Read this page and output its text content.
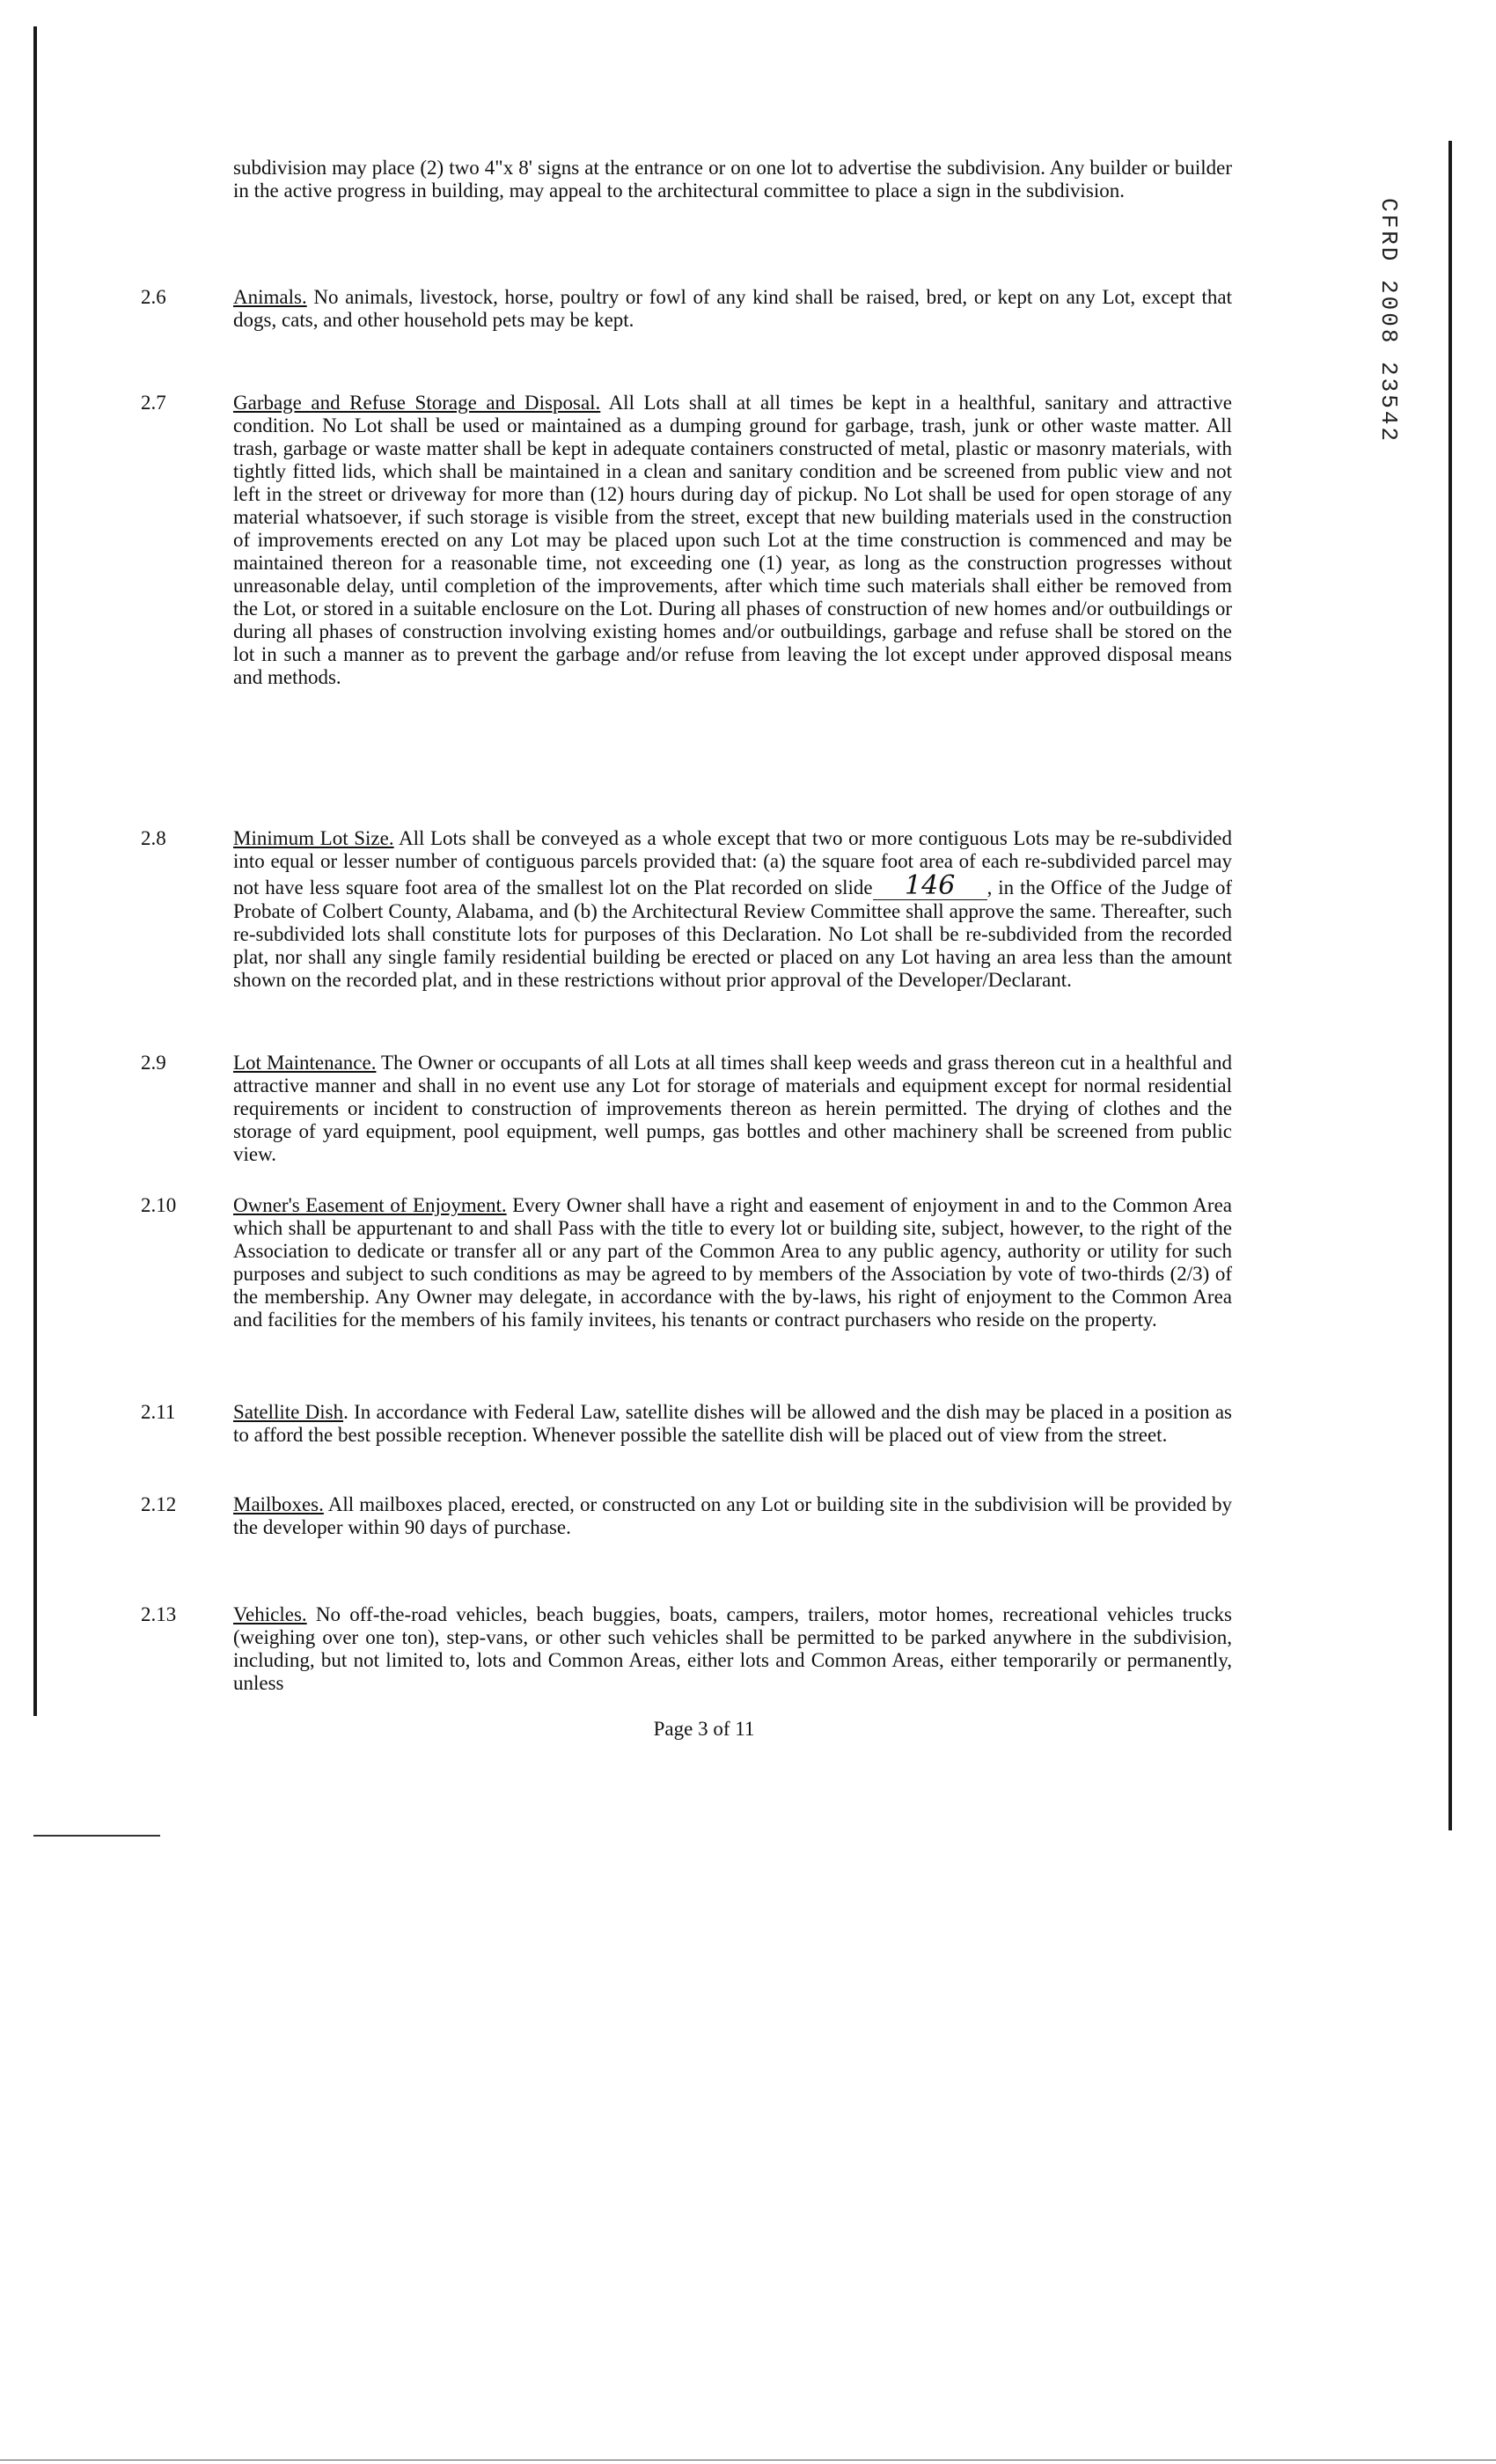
CFRD 2008 23542
subdivision may place (2) two 4"x 8' signs at the entrance or on one lot to advertise the subdivision. Any builder or builder in the active progress in building, may appeal to the architectural committee to place a sign in the subdivision.
2.6	Animals. No animals, livestock, horse, poultry or fowl of any kind shall be raised, bred, or kept on any Lot, except that dogs, cats, and other household pets may be kept.
2.7	Garbage and Refuse Storage and Disposal. All Lots shall at all times be kept in a healthful, sanitary and attractive condition. No Lot shall be used or maintained as a dumping ground for garbage, trash, junk or other waste matter. All trash, garbage or waste matter shall be kept in adequate containers constructed of metal, plastic or masonry materials, with tightly fitted lids, which shall be maintained in a clean and sanitary condition and be screened from public view and not left in the street or driveway for more than (12) hours during day of pickup. No Lot shall be used for open storage of any material whatsoever, if such storage is visible from the street, except that new building materials used in the construction of improvements erected on any Lot may be placed upon such Lot at the time construction is commenced and may be maintained thereon for a reasonable time, not exceeding one (1) year, as long as the construction progresses without unreasonable delay, until completion of the improvements, after which time such materials shall either be removed from the Lot, or stored in a suitable enclosure on the Lot. During all phases of construction of new homes and/or outbuildings or during all phases of construction involving existing homes and/or outbuildings, garbage and refuse shall be stored on the lot in such a manner as to prevent the garbage and/or refuse from leaving the lot except under approved disposal means and methods.
2.8	Minimum Lot Size. All Lots shall be conveyed as a whole except that two or more contiguous Lots may be re-subdivided into equal or lesser number of contiguous parcels provided that: (a) the square foot area of each re-subdivided parcel may not have less square foot area of the smallest lot on the Plat recorded on slide 146 , in the Office of the Judge of Probate of Colbert County, Alabama, and (b) the Architectural Review Committee shall approve the same. Thereafter, such re-subdivided lots shall constitute lots for purposes of this Declaration. No Lot shall be re-subdivided from the recorded plat, nor shall any single family residential building be erected or placed on any Lot having an area less than the amount shown on the recorded plat, and in these restrictions without prior approval of the Developer/Declarant.
2.9	Lot Maintenance. The Owner or occupants of all Lots at all times shall keep weeds and grass thereon cut in a healthful and attractive manner and shall in no event use any Lot for storage of materials and equipment except for normal residential requirements or incident to construction of improvements thereon as herein permitted. The drying of clothes and the storage of yard equipment, pool equipment, well pumps, gas bottles and other machinery shall be screened from public view.
2.10	Owner's Easement of Enjoyment. Every Owner shall have a right and easement of enjoyment in and to the Common Area which shall be appurtenant to and shall Pass with the title to every lot or building site, subject, however, to the right of the Association to dedicate or transfer all or any part of the Common Area to any public agency, authority or utility for such purposes and subject to such conditions as may be agreed to by members of the Association by vote of two-thirds (2/3) of the membership. Any Owner may delegate, in accordance with the by-laws, his right of enjoyment to the Common Area and facilities for the members of his family invitees, his tenants or contract purchasers who reside on the property.
2.11	Satellite Dish. In accordance with Federal Law, satellite dishes will be allowed and the dish may be placed in a position as to afford the best possible reception. Whenever possible the satellite dish will be placed out of view from the street.
2.12	Mailboxes. All mailboxes placed, erected, or constructed on any Lot or building site in the subdivision will be provided by the developer within 90 days of purchase.
2.13	Vehicles. No off-the-road vehicles, beach buggies, boats, campers, trailers, motor homes, recreational vehicles trucks (weighing over one ton), step-vans, or other such vehicles shall be permitted to be parked anywhere in the subdivision, including, but not limited to, lots and Common Areas, either lots and Common Areas, either temporarily or permanently, unless
Page 3 of 11
